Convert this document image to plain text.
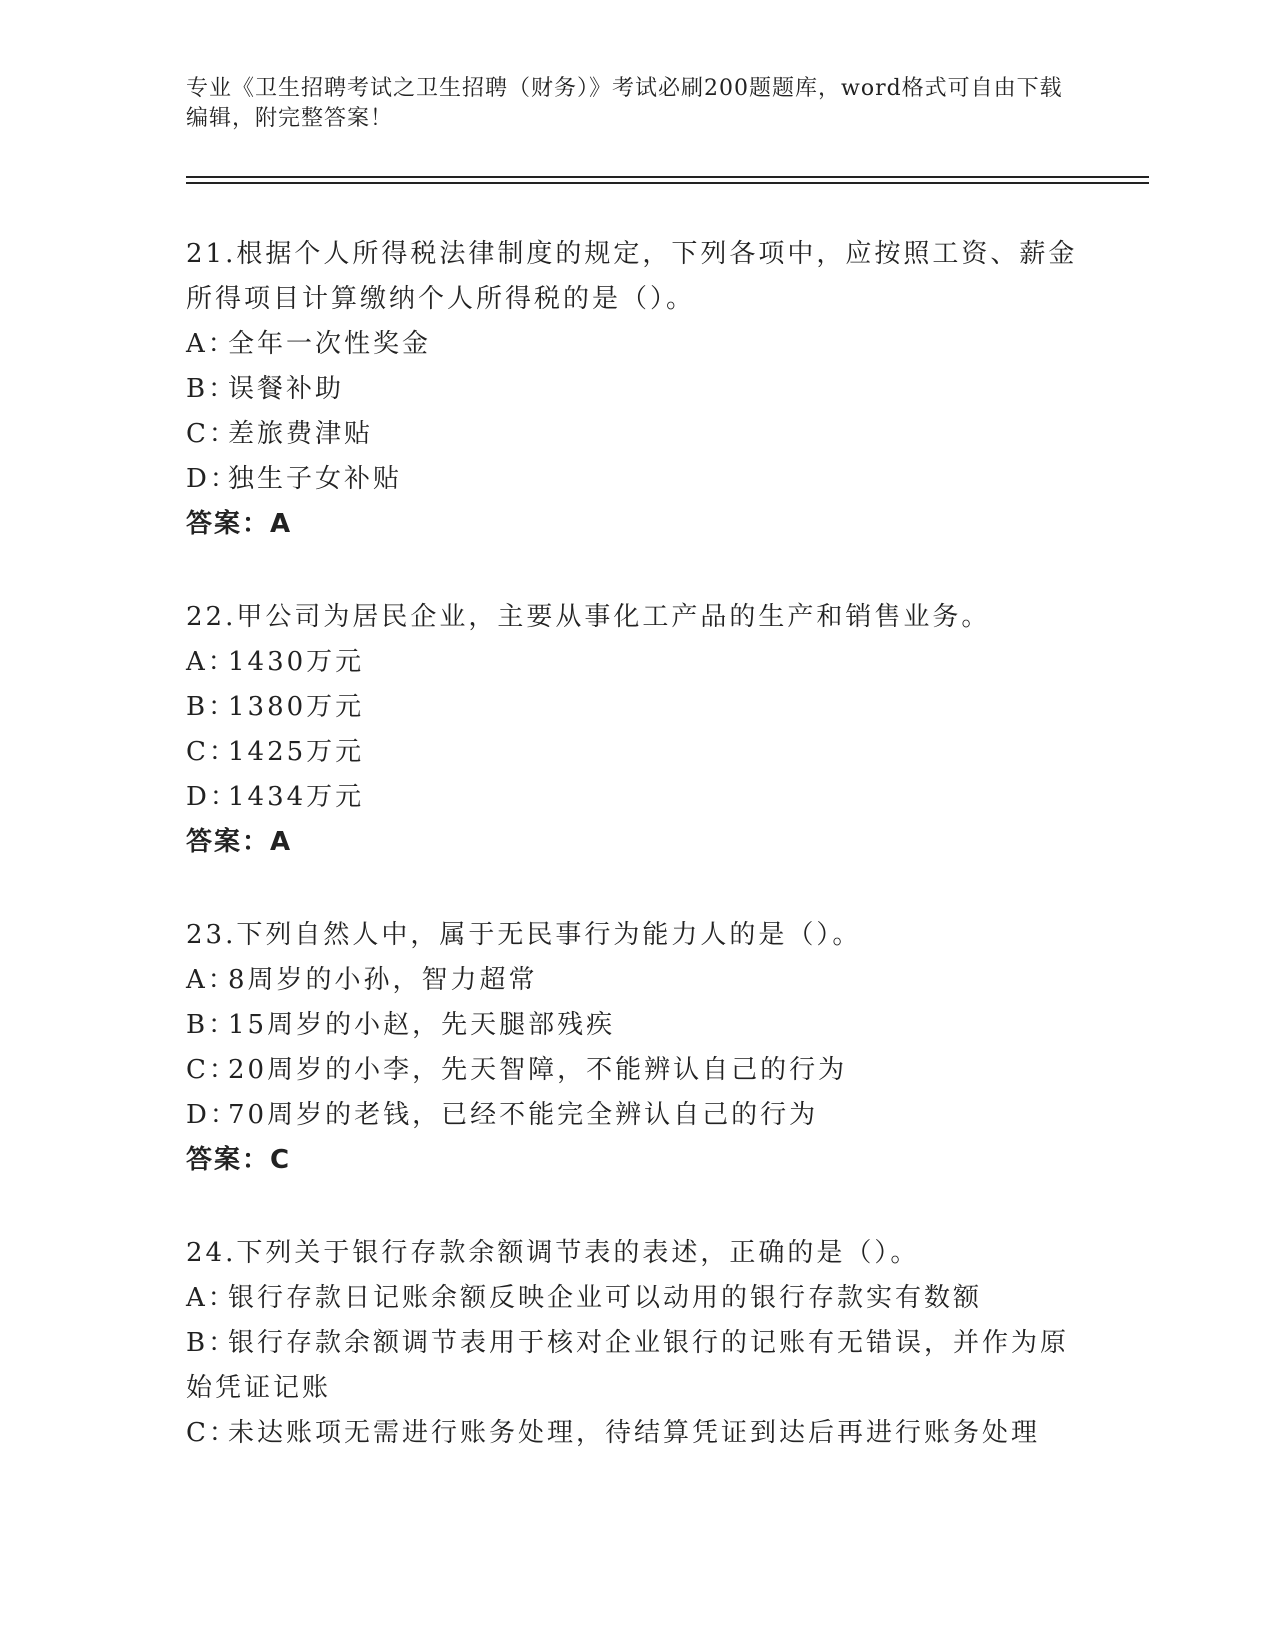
专业《卫生招聘考试之卫生招聘（财务）》考试必刷200题题库，word格式可自由下载编辑，附完整答案！

21.根据个人所得税法律制度的规定，下列各项中，应按照工资、薪金所得项目计算缴纳个人所得税的是（）。

A：全年一次性奖金

B：误餐补助

C：差旅费津贴

D：独生子女补贴

答案：A

22.甲公司为居民企业，主要从事化工产品的生产和销售业务。

A：1430万元

B：1380万元

C：1425万元

D：1434万元

答案：A

23.下列自然人中，属于无民事行为能力人的是（）。

A：8周岁的小孙，智力超常

B：15周岁的小赵，先天腿部残疾

C：20周岁的小李，先天智障，不能辨认自己的行为

D：70周岁的老钱，已经不能完全辨认自己的行为

答案：C

24.下列关于银行存款余额调节表的表述，正确的是（）。

A：银行存款日记账余额反映企业可以动用的银行存款实有数额

B：银行存款余额调节表用于核对企业银行的记账有无错误，并作为原始凭证记账

C：未达账项无需进行账务处理，待结算凭证到达后再进行账务处理
